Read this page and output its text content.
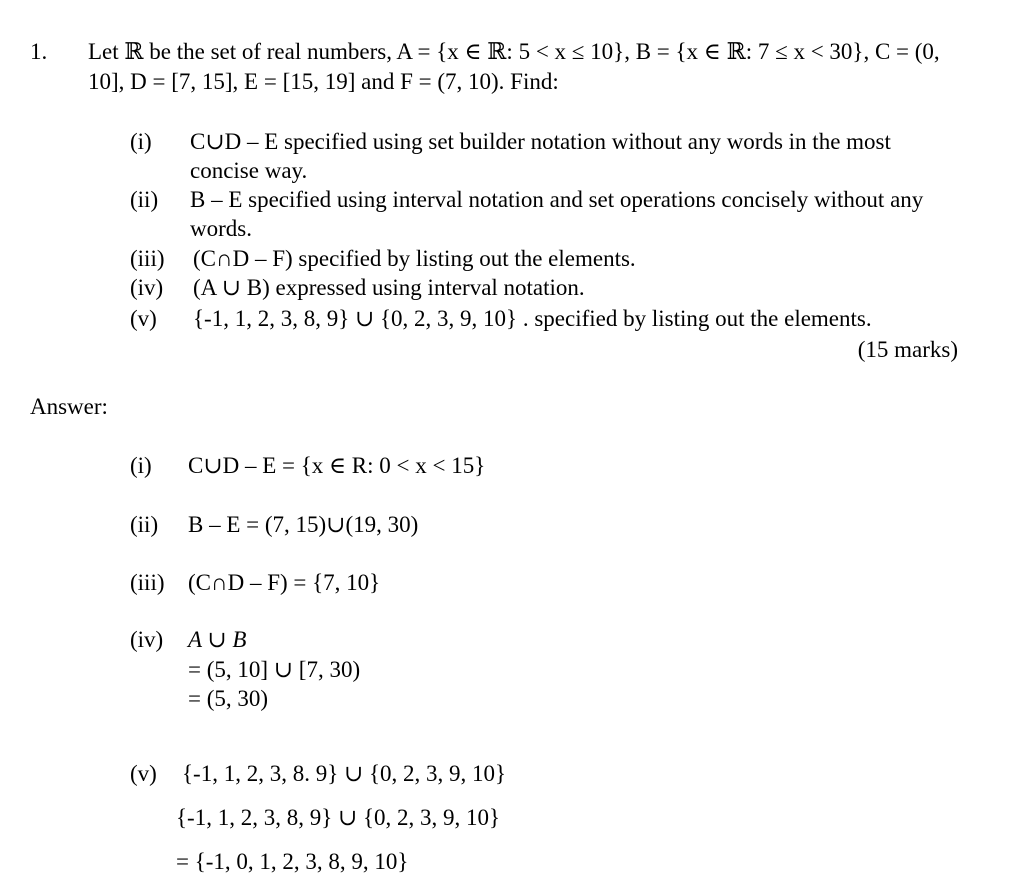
1. Let ℝ be the set of real numbers, A = {x ∈ ℝ: 5 < x ≤ 10}, B = {x ∈ ℝ: 7 ≤ x < 30}, C = (0,
10], D = [7, 15], E = [15, 19] and F = (7, 10). Find:
(i)	C∪D – E specified using set builder notation without any words in the most
concise way.
(ii)	B – E specified using interval notation and set operations concisely without any
words.
(iii)	(C∩D – F) specified by listing out the elements.
(iv)	(A ∪ B) expressed using interval notation.
(v)	{-1, 1, 2, 3, 8, 9} ∪ {0, 2, 3, 9, 10} . specified by listing out the elements.
(15 marks)
Answer:
(i)	C∪D – E = {x ∈ R: 0 < x < 15}
(ii)	B – E = (7, 15)∪(19, 30)
(iii)	(C∩D – F) = {7, 10}
(iv)	A ∪ B
= (5, 10] ∪ [7, 30)
= (5, 30)
(v)	{-1, 1, 2, 3, 8. 9} ∪ {0, 2, 3, 9, 10}
{-1, 1, 2, 3, 8, 9} ∪ {0, 2, 3, 9, 10}
= {-1, 0, 1, 2, 3, 8, 9, 10}
